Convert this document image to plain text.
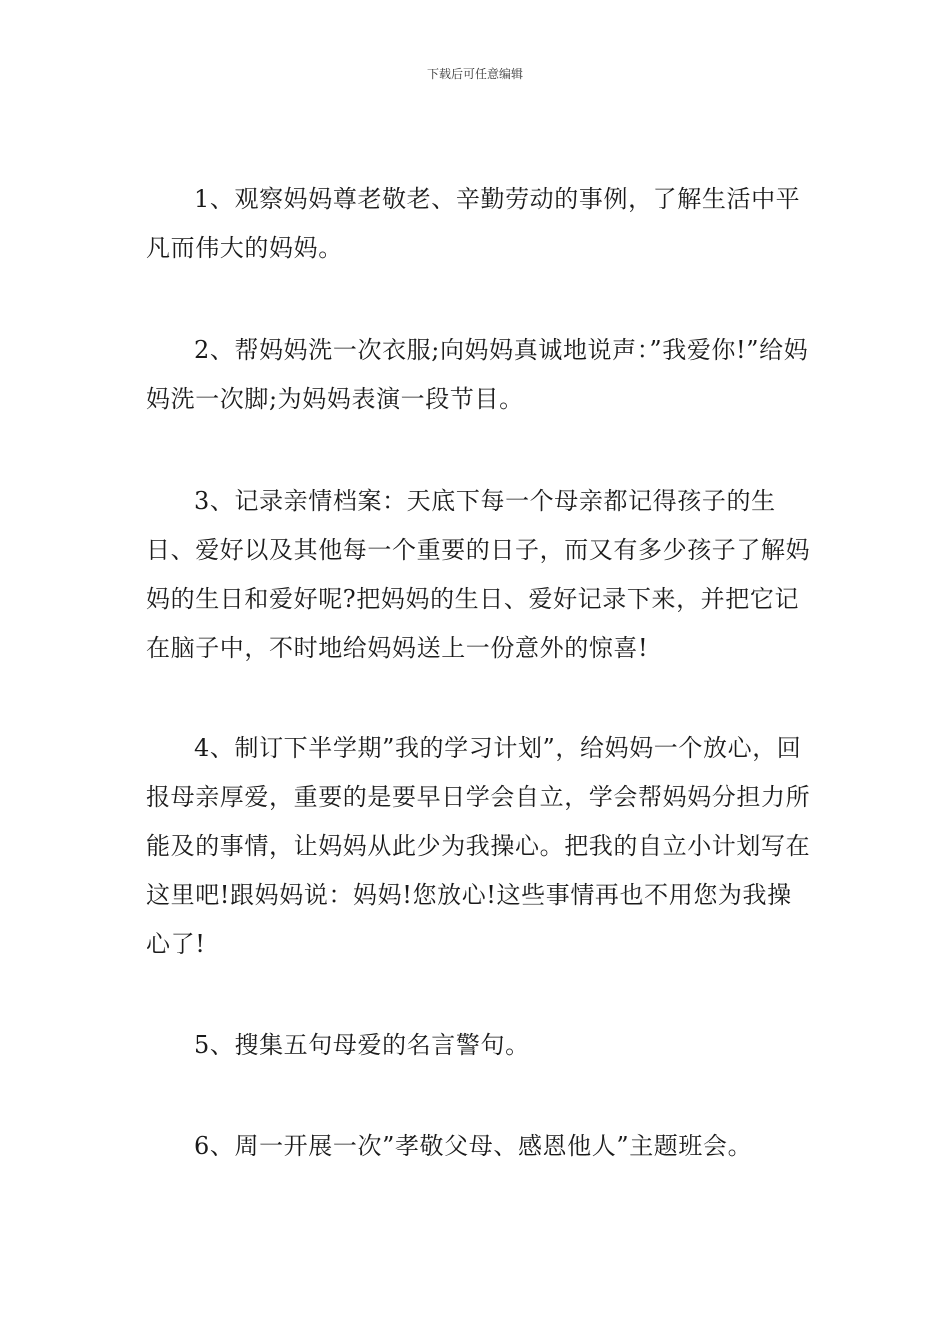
下载后可任意编辑

1、观察妈妈尊老敬老、辛勤劳动的事例，了解生活中平凡而伟大的妈妈。

2、帮妈妈洗一次衣服;向妈妈真诚地说声：”我爱你!”给妈妈洗一次脚;为妈妈表演一段节目。

3、记录亲情档案：天底下每一个母亲都记得孩子的生日、爱好以及其他每一个重要的日子，而又有多少孩子了解妈妈的生日和爱好呢?把妈妈的生日、爱好记录下来，并把它记在脑子中，不时地给妈妈送上一份意外的惊喜!

4、制订下半学期”我的学习计划”，给妈妈一个放心，回报母亲厚爱，重要的是要早日学会自立，学会帮妈妈分担力所能及的事情，让妈妈从此少为我操心。把我的自立小计划写在这里吧!跟妈妈说：妈妈!您放心!这些事情再也不用您为我操心了!

5、搜集五句母爱的名言警句。

6、周一开展一次”孝敬父母、感恩他人”主题班会。
